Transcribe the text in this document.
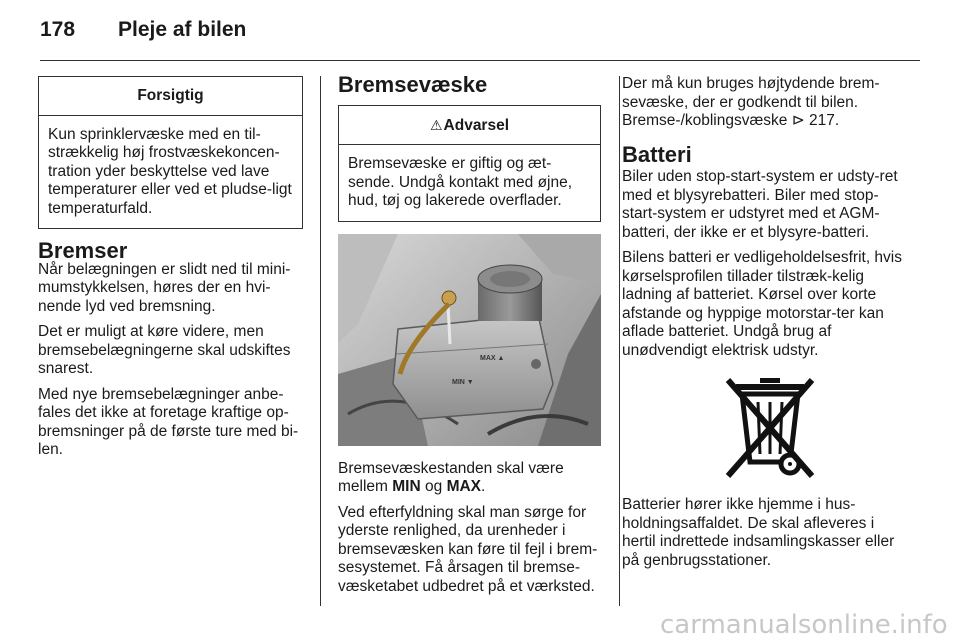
178 Pleje af bilen
Forsigtig
Kun sprinklervæske med en til-strækkelig høj frostvæskekoncen-tration yder beskyttelse ved lave temperaturer eller ved et pludse-ligt temperaturfald.
Bremser

Når belægningen er slidt ned til mini-mumstykkelsen, høres der en hvi-nende lyd ved bremsning.

Det er muligt at køre videre, men bremsebelægningerne skal udskiftes snarest.

Med nye bremsebelægninger anbe-fales det ikke at foretage kraftige op-bremsninger på de første ture med bi-len.

Bremsevæske
⚠Advarsel
Bremsevæske er giftig og æt-sende. Undgå kontakt med øjne, hud, tøj og lakerede overflader.
MAX ▲
MIN ▼

Bremsevæskestanden skal være mellem MIN og MAX.

Ved efterfyldning skal man sørge for yderste renlighed, da urenheder i bremsevæsken kan føre til fejl i brem-sesystemet. Få årsagen til bremse-væsketabet udbedret på et værksted.

Der må kun bruges højtydende brem-sevæske, der er godkendt til bilen. Bremse-/koblingsvæske ⊳ 217.

Batteri

Biler uden stop-start-system er udsty-ret med et blysyrebatteri. Biler med stop-start-system er udstyret med et AGM-batteri, der ikke er et blysyre-batteri.

Bilens batteri er vedligeholdelsesfrit, hvis kørselsprofilen tillader tilstræk-kelig ladning af batteriet. Kørsel over korte afstande og hyppige motorstar-ter kan aflade batteriet. Undgå brug af unødvendigt elektrisk udstyr.

Batterier hører ikke hjemme i hus-holdningsaffaldet. De skal afleveres i hertil indrettede indsamlingskasser eller på genbrugsstationer.

carmanualsonline.info
